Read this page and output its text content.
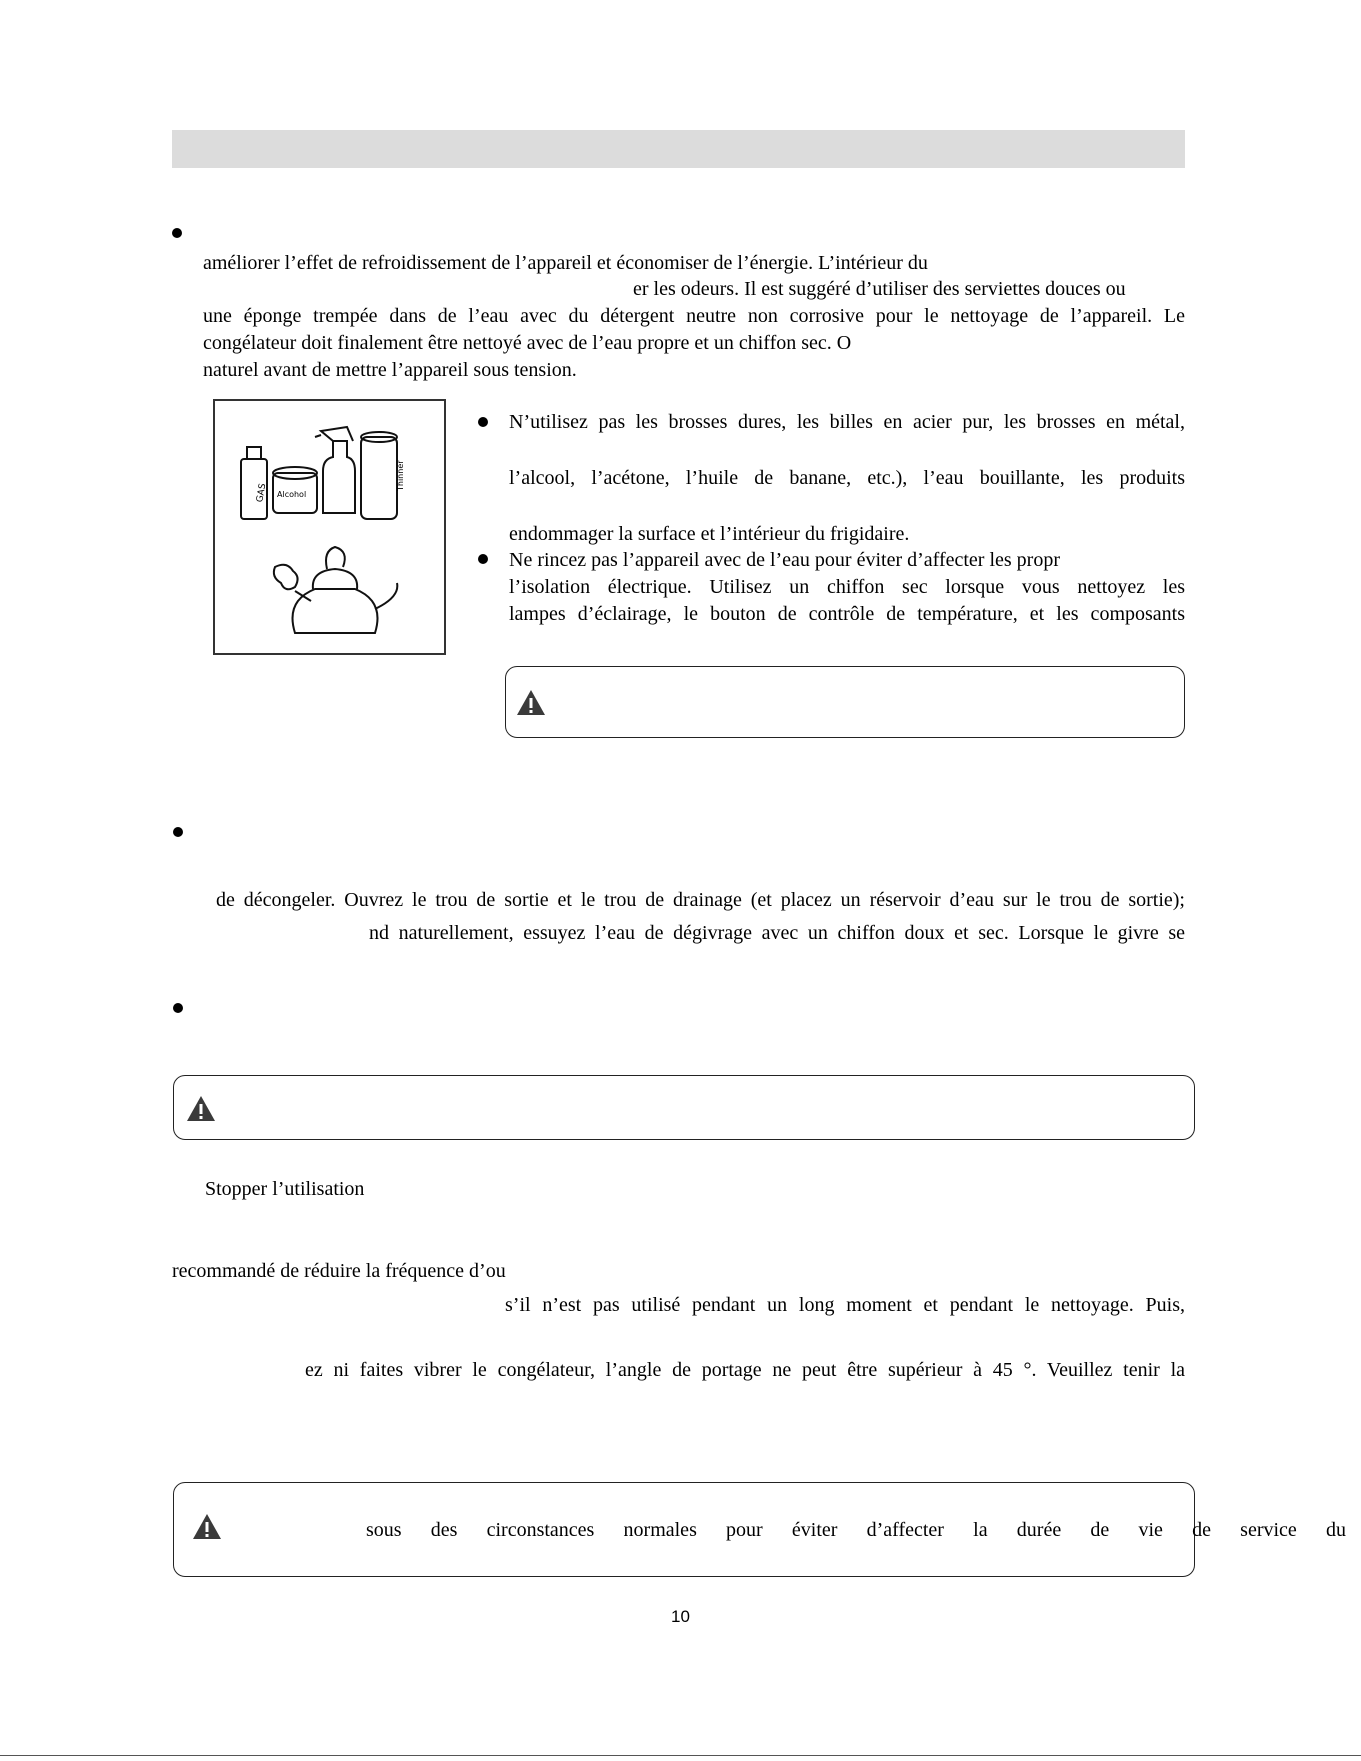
améliorer l’effet de refroidissement de l’appareil et économiser de l’énergie. L’intérieur du
er les odeurs. Il est suggéré d’utiliser des serviettes douces ou
une éponge trempée dans de l’eau avec du détergent neutre non corrosive pour le nettoyage de l’appareil. Le
congélateur doit finalement être nettoyé avec de l’eau propre et un chiffon sec. O
naturel avant de mettre l’appareil sous tension.
GAS Alcohol
Thinner
N’utilisez pas les brosses dures, les billes en acier pur, les brosses en métal,
l’alcool, l’acétone, l’huile de banane, etc.), l’eau bouillante, les produits
endommager la surface et l’intérieur du frigidaire.
Ne rincez pas l’appareil avec de l’eau pour éviter d’affecter les propr
l’isolation électrique. Utilisez un chiffon sec lorsque vous nettoyez les
lampes d’éclairage, le bouton de contrôle de température, et les composants
de décongeler. Ouvrez le trou de sortie et le trou de drainage (et placez un réservoir d’eau sur le trou de sortie);
nd naturellement, essuyez l’eau de dégivrage avec un chiffon doux et sec. Lorsque le givre se
Stopper l’utilisation
recommandé de réduire la fréquence d’ou
s’il n’est pas utilisé pendant un long moment et pendant le nettoyage. Puis,
ez ni faites vibrer le congélateur, l’angle de portage ne peut être supérieur à 45 °. Veuillez tenir la
sous des circonstances normales pour éviter d’affecter la durée de vie de service du
10
